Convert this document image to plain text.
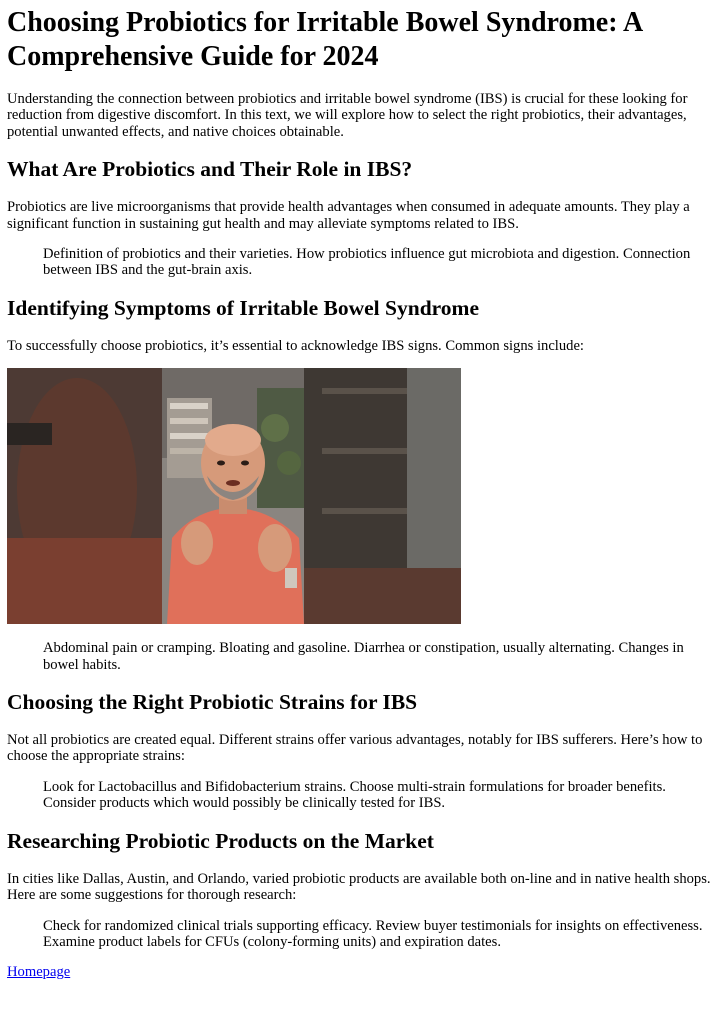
Choosing Probiotics for Irritable Bowel Syndrome: A Comprehensive Guide for 2024

Understanding the connection between probiotics and irritable bowel syndrome (IBS) is crucial for these looking for reduction from digestive discomfort. In this text, we will explore how to select the right probiotics, their advantages, potential unwanted effects, and native choices obtainable.

What Are Probiotics and Their Role in IBS?

Probiotics are live microorganisms that provide health advantages when consumed in adequate amounts. They play a significant function in sustaining gut health and may alleviate symptoms related to IBS.

Definition of probiotics and their varieties. How probiotics influence gut microbiota and digestion. Connection between IBS and the gut-brain axis.
Identifying Symptoms of Irritable Bowel Syndrome

To successfully choose probiotics, it’s essential to acknowledge IBS signs. Common signs include:

Abdominal pain or cramping. Bloating and gasoline. Diarrhea or constipation, usually alternating. Changes in bowel habits.
Choosing the Right Probiotic Strains for IBS

Not all probiotics are created equal. Different strains offer various advantages, notably for IBS sufferers. Here’s how to choose the appropriate strains:

Look for Lactobacillus and Bifidobacterium strains. Choose multi-strain formulations for broader benefits. Consider products which would possibly be clinically tested for IBS.
Researching Probiotic Products on the Market

In cities like Dallas, Austin, and Orlando, varied probiotic products are available both on-line and in native health shops. Here are some suggestions for thorough research:

Check for randomized clinical trials supporting efficacy. Review buyer testimonials for insights on effectiveness. Examine product labels for CFUs (colony-forming units) and expiration dates.
Homepage
